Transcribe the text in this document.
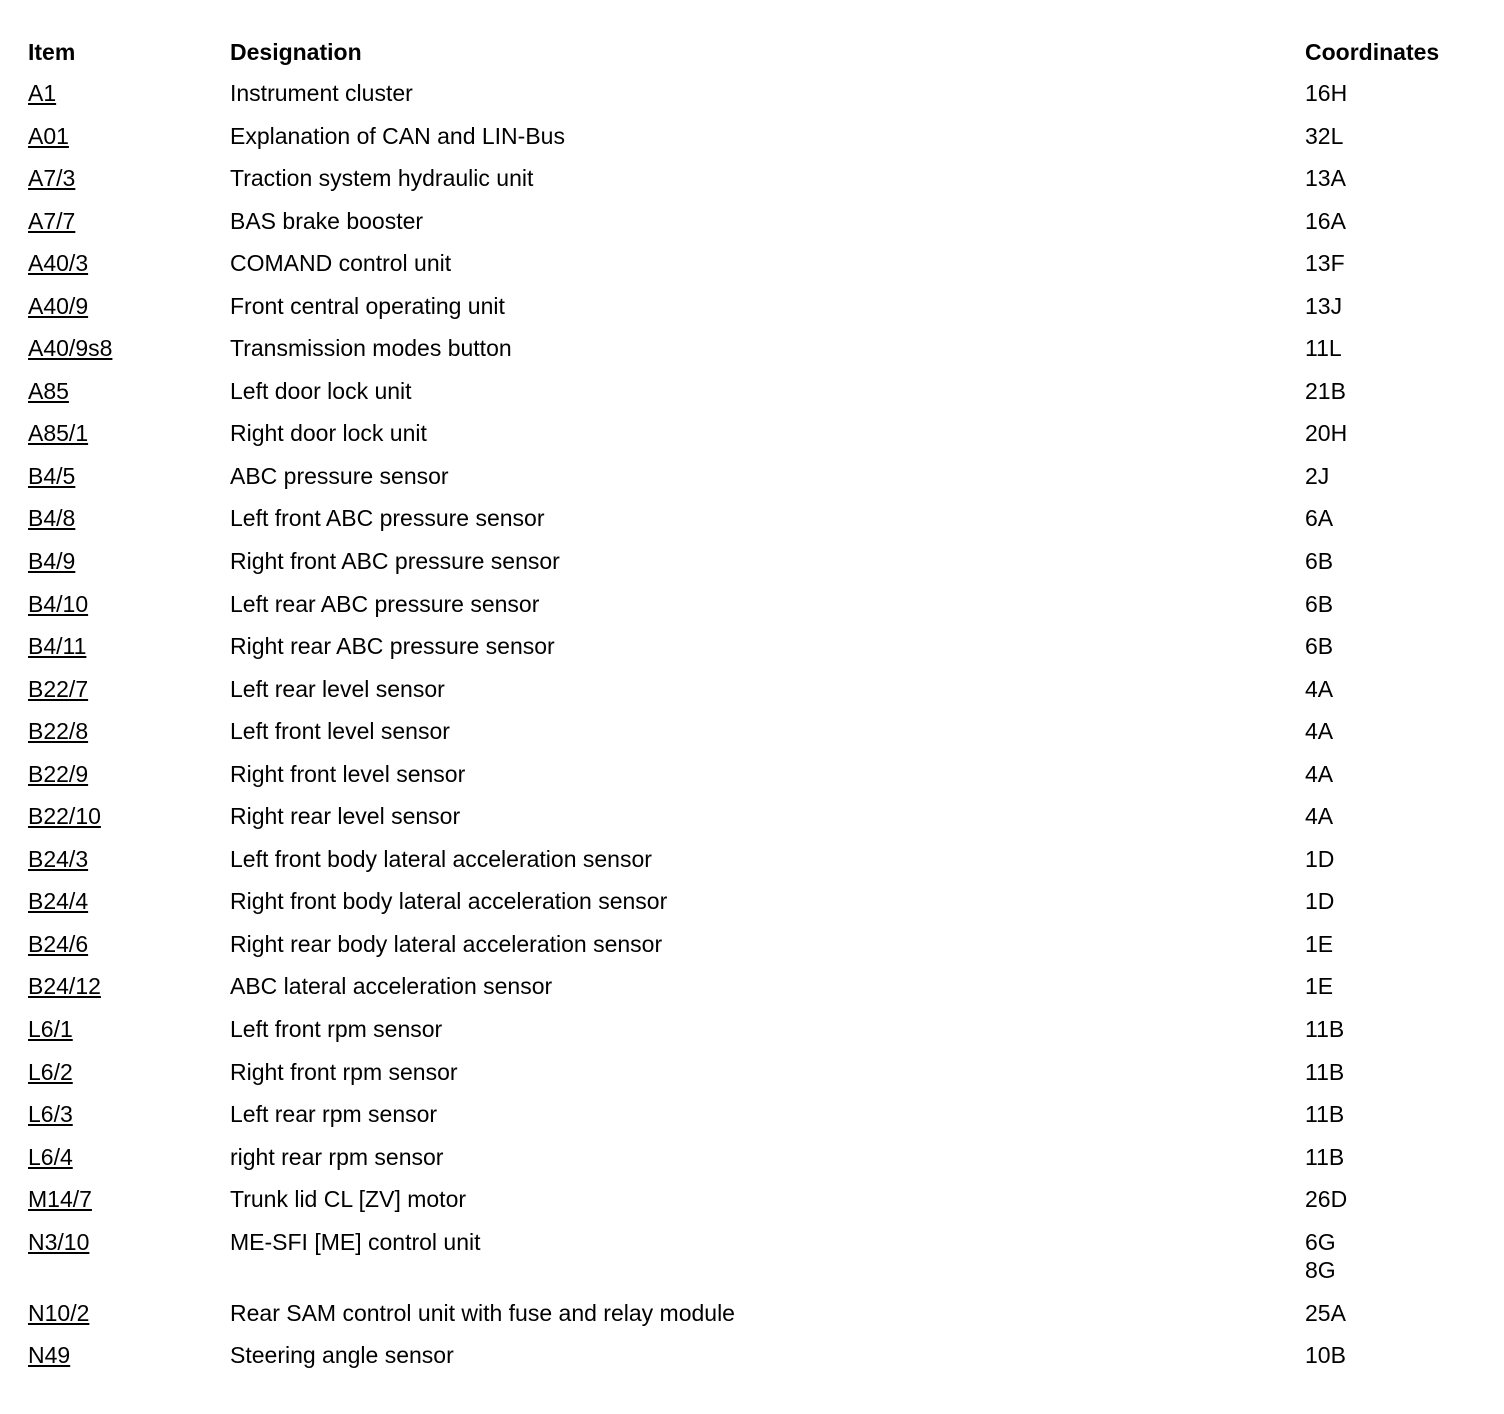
Item	Designation	Coordinates
A1	Instrument cluster	16H
A01	Explanation of CAN and LIN-Bus	32L
A7/3	Traction system hydraulic unit	13A
A7/7	BAS brake booster	16A
A40/3	COMAND control unit	13F
A40/9	Front central operating unit	13J
A40/9s8	Transmission modes button	11L
A85	Left door lock unit	21B
A85/1	Right door lock unit	20H
B4/5	ABC pressure sensor	2J
B4/8	Left front ABC pressure sensor	6A
B4/9	Right front ABC pressure sensor	6B
B4/10	Left rear ABC pressure sensor	6B
B4/11	Right rear ABC pressure sensor	6B
B22/7	Left rear level sensor	4A
B22/8	Left front level sensor	4A
B22/9	Right front level sensor	4A
B22/10	Right rear level sensor	4A
B24/3	Left front body lateral acceleration sensor	1D
B24/4	Right front body lateral acceleration sensor	1D
B24/6	Right rear body lateral acceleration sensor	1E
B24/12	ABC lateral acceleration sensor	1E
L6/1	Left front rpm sensor	11B
L6/2	Right front rpm sensor	11B
L6/3	Left rear rpm sensor	11B
L6/4	right rear rpm sensor	11B
M14/7	Trunk lid CL [ZV] motor	26D
N3/10	ME-SFI [ME] control unit	6G
8G
N10/2	Rear SAM control unit with fuse and relay module	25A
N49	Steering angle sensor	10B
